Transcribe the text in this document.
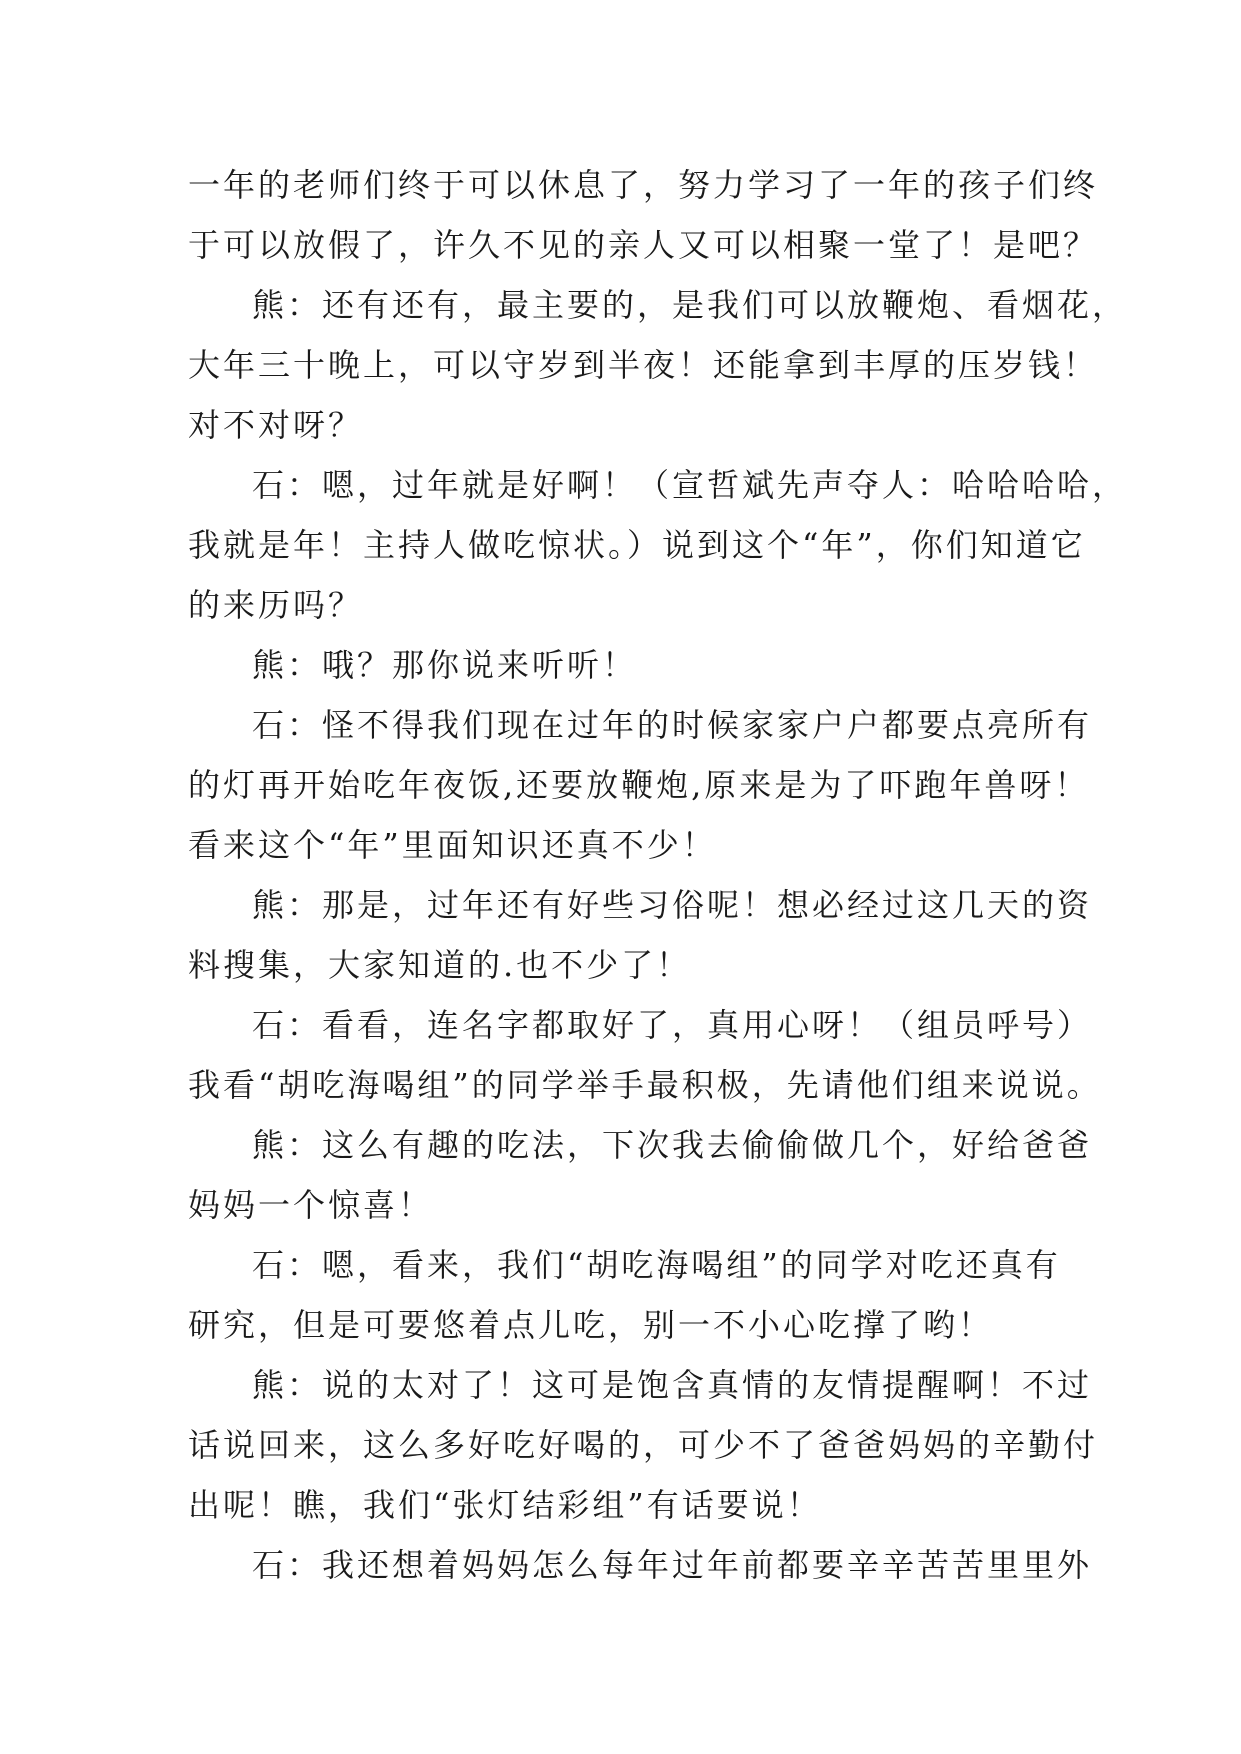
一年的老师们终于可以休息了，努力学习了一年的孩子们终
于可以放假了，许久不见的亲人又可以相聚一堂了！是吧？
熊：还有还有，最主要的，是我们可以放鞭炮、看烟花，
大年三十晚上，可以守岁到半夜！还能拿到丰厚的压岁钱！
对不对呀？
石：嗯，过年就是好啊！（宣哲斌先声夺人：哈哈哈哈，
我就是年！主持人做吃惊状。）说到这个“年”，你们知道它
的来历吗？
熊：哦？那你说来听听！
石：怪不得我们现在过年的时候家家户户都要点亮所有
的灯再开始吃年夜饭,还要放鞭炮,原来是为了吓跑年兽呀！
看来这个“年”里面知识还真不少！
熊：那是，过年还有好些习俗呢！想必经过这几天的资
料搜集，大家知道的.也不少了！
石：看看，连名字都取好了，真用心呀！（组员呼号）
我看“胡吃海喝组”的同学举手最积极，先请他们组来说说。
熊：这么有趣的吃法，下次我去偷偷做几个，好给爸爸
妈妈一个惊喜！
石：嗯，看来，我们“胡吃海喝组”的同学对吃还真有
研究，但是可要悠着点儿吃，别一不小心吃撑了哟！
熊：说的太对了！这可是饱含真情的友情提醒啊！不过
话说回来，这么多好吃好喝的，可少不了爸爸妈妈的辛勤付
出呢！瞧，我们“张灯结彩组”有话要说！
石：我还想着妈妈怎么每年过年前都要辛辛苦苦里里外
